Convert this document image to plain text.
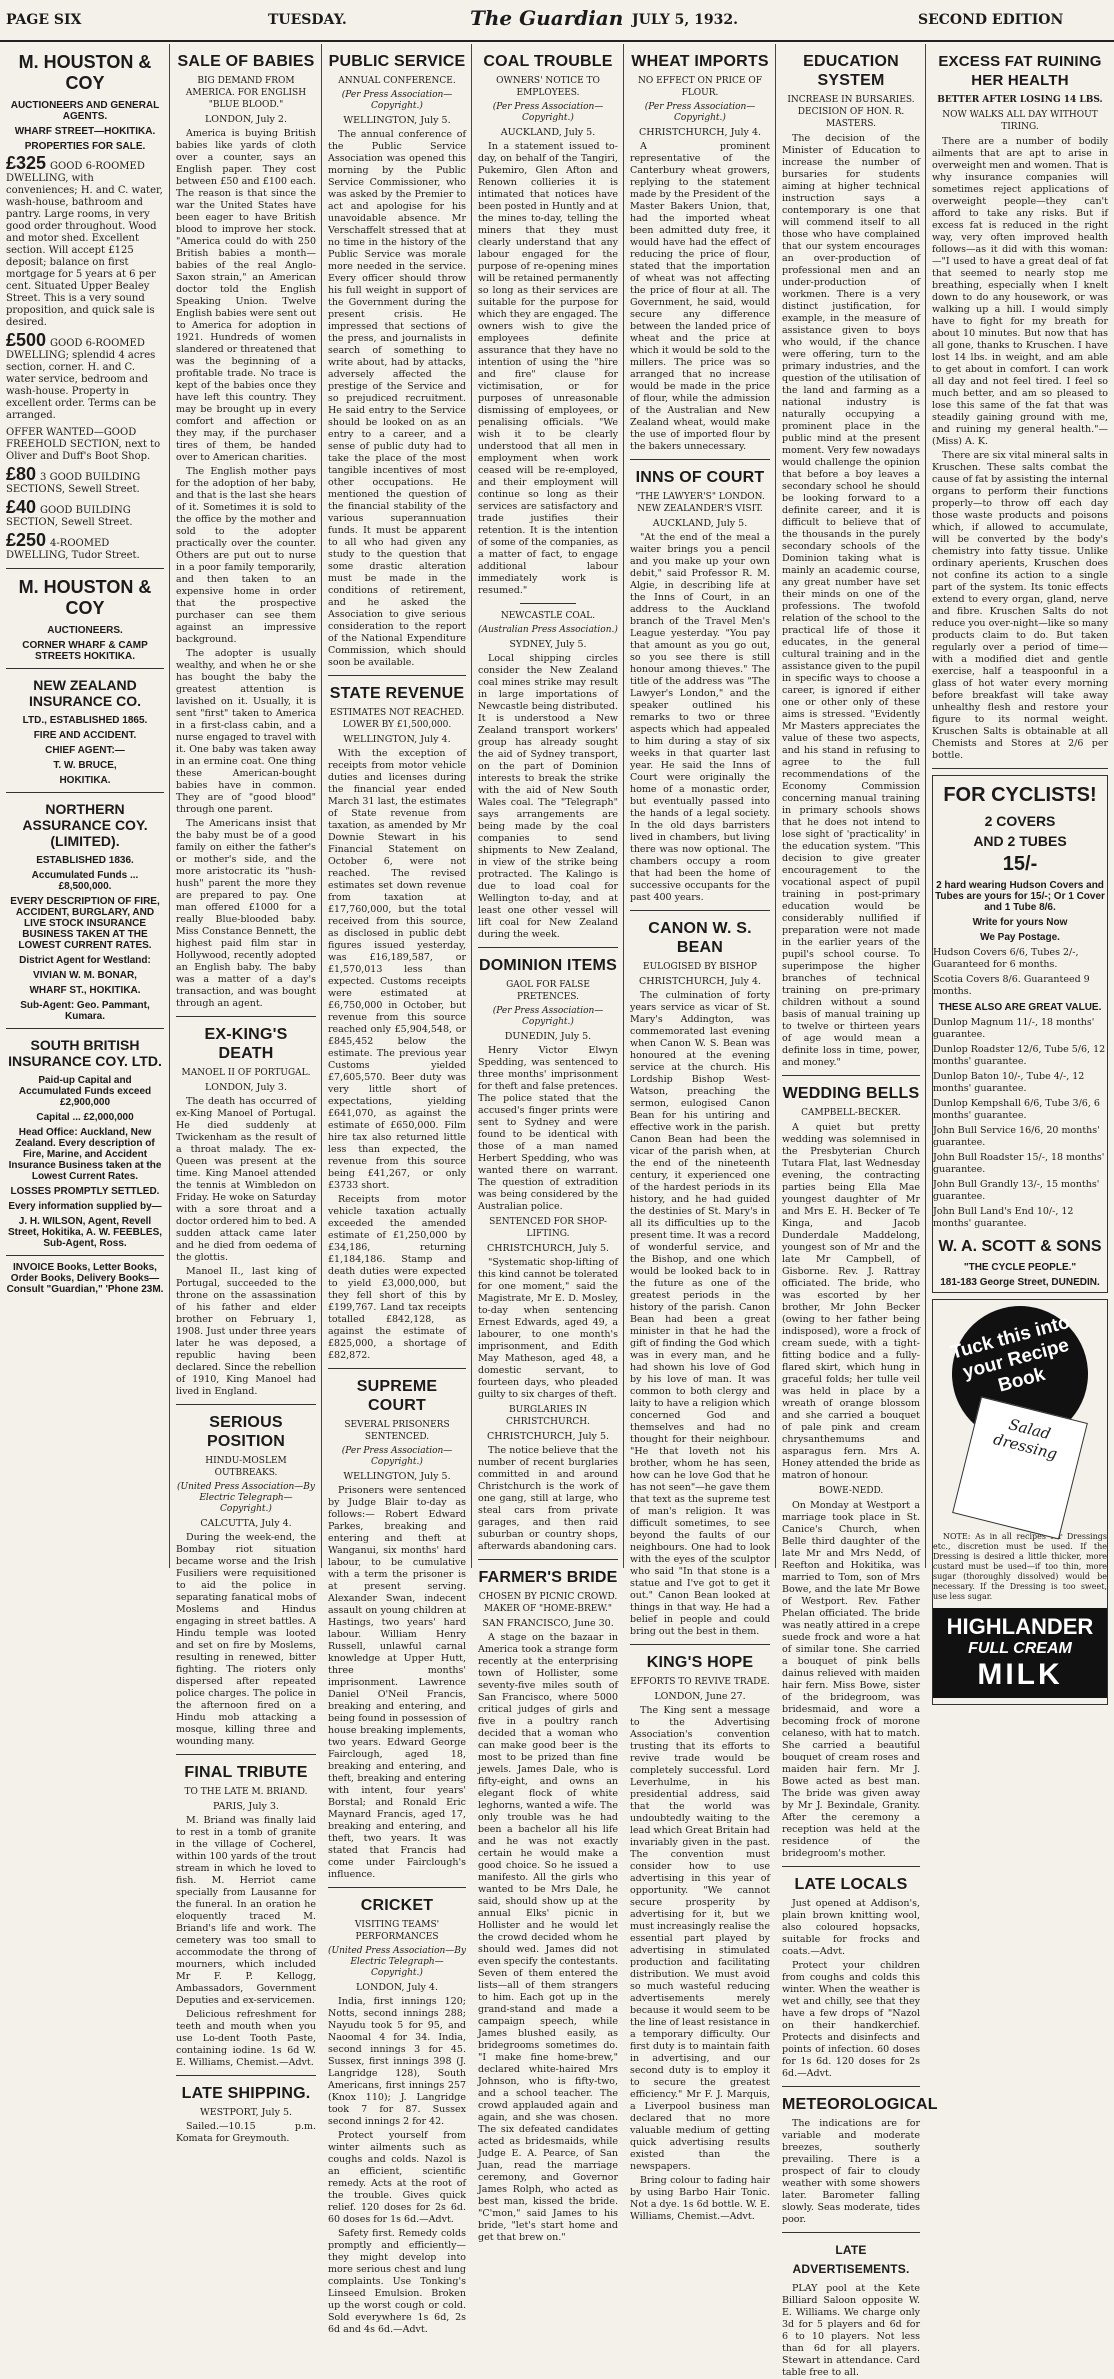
PAGE SIX	TUESDAY.	The Guardian JULY 5, 1932.	SECOND EDITION
M. HOUSTON & COY
AUCTIONEERS AND GENERAL AGENTS.
WHARF STREET—HOKITIKA.
PROPERTIES FOR SALE.
£325 GOOD 6-ROOMED DWELLING, with conveniences; H. and C. water, wash-house, bathroom and pantry. Large rooms, in very good order throughout. Wood and motor shed. Excellent section. Will accept £125 deposit; balance on first mortgage for 5 years at 6 per cent. Situated Upper Bealey Street. This is a very sound proposition, and quick sale is desired.
£500 GOOD 6-ROOMED DWELLING; splendid 4 acres section, corner. H. and C. water service, bedroom and wash-house. Property in excellent order. Terms can be arranged.
OFFER WANTED—GOOD FREEHOLD SECTION, next to Oliver and Duff's Boot Shop.
£80 3 GOOD BUILDING SECTIONS, Sewell Street.
£40 GOOD BUILDING SECTION, Sewell Street.
£250 4-ROOMED DWELLING, Tudor Street.
M. HOUSTON & COY
AUCTIONEERS.
CORNER WHARF & CAMP STREETS HOKITIKA.
NEW ZEALAND INSURANCE CO.
LTD., ESTABLISHED 1865.
FIRE AND ACCIDENT.
CHIEF AGENT:—
T. W. BRUCE,
HOKITIKA.
NORTHERN ASSURANCE COY. (LIMITED).
ESTABLISHED 1836.
Accumulated Funds ... £8,500,000.
EVERY DESCRIPTION OF FIRE, ACCIDENT, BURGLARY, AND LIVE STOCK INSURANCE BUSINESS TAKEN AT THE LOWEST CURRENT RATES.
District Agent for Westland:
VIVIAN W. M. BONAR,
WHARF ST., HOKITIKA.
Sub-Agent: Geo. Pammant, Kumara.
SOUTH BRITISH INSURANCE COY. LTD.
Paid-up Capital and Accumulated Funds exceed £2,900,000
Capital ... £2,000,000
Head Office: Auckland, New Zealand. Every description of Fire, Marine, and Accident Insurance Business taken at the Lowest Current Rates.
LOSSES PROMPTLY SETTLED.
Every information supplied by—
J. H. WILSON, Agent, Revell Street, Hokitika, A. W. FEEBLES, Sub-Agent, Ross.
INVOICE Books, Letter Books, Order Books, Delivery Books—Consult "Guardian," 'Phone 23M.
SALE OF BABIES
BIG DEMAND FROM AMERICA. FOR ENGLISH "BLUE BLOOD."
LONDON, July 2.

America is buying British babies like yards of cloth over a counter, says an English paper. They cost between £50 and £100 each. The reason is that since the war the United States have been eager to have British blood to improve her stock. "America could do with 250 British babies a month—babies of the real Anglo-Saxon strain," an American doctor told the English Speaking Union. Twelve English babies were sent out to America for adoption in 1921. Hundreds of women slandered or threatened that was the beginning of a profitable trade. No trace is kept of the babies once they have left this country. They may be brought up in every comfort and affection or they may, if the purchaser tires of them, be handed over to American charities.

The English mother pays for the adoption of her baby, and that is the last she hears of it. Sometimes it is sold to the office by the mother and sold to the adopter practically over the counter. Others are put out to nurse in a poor family temporarily, and then taken to an expensive home in order that the prospective purchaser can see them against an impressive background.

The adopter is usually wealthy, and when he or she has bought the baby the greatest attention is lavished on it. Usually, it is sent "first" taken to America in a first-class cabin, and a nurse engaged to travel with it. One baby was taken away in an ermine coat. One thing these American-bought babies have in common. They are of "good blood" through one parent.

The Americans insist that the baby must be of a good family on either the father's or mother's side, and the more aristocratic its "hush-hush" parent the more they are prepared to pay. One man offered £1000 for a really Blue-blooded baby. Miss Constance Bennett, the highest paid film star in Hollywood, recently adopted an English baby. The baby was a matter of a day's transaction, and was bought through an agent.

EX-KING'S DEATH
MANOEL II OF PORTUGAL.
LONDON, July 3.

The death has occurred of ex-King Manoel of Portugal. He died suddenly at Twickenham as the result of a throat malady. The ex-Queen was present at the time. King Manoel attended the tennis at Wimbledon on Friday. He woke on Saturday with a sore throat and a doctor ordered him to bed. A sudden attack came later and he died from oedema of the glottis.

Manoel II., last king of Portugal, succeeded to the throne on the assassination of his father and elder brother on February 1, 1908. Just under three years later he was deposed, a republic having been declared. Since the rebellion of 1910, King Manoel had lived in England.

SERIOUS POSITION
HINDU-MOSLEM OUTBREAKS.
(United Press Association—By Electric Telegraph—Copyright.)
CALCUTTA, July 4.

During the week-end, the Bombay riot situation became worse and the Irish Fusiliers were requisitioned to aid the police in separating fanatical mobs of Moslems and Hindus engaging in street battles. A Hindu temple was looted and set on fire by Moslems, resulting in renewed, bitter fighting. The rioters only dispersed after repeated police charges. The police in the afternoon fired on a Hindu mob attacking a mosque, killing three and wounding many.

FINAL TRIBUTE
TO THE LATE M. BRIAND.
PARIS, July 3.

M. Briand was finally laid to rest in a tomb of granite in the village of Cocherel, within 100 yards of the trout stream in which he loved to fish. M. Herriot came specially from Lausanne for the funeral. In an oration he eloquently traced M. Briand's life and work. The cemetery was too small to accommodate the throng of mourners, which included Mr F. P. Kellogg, Ambassadors, Government Deputies and ex-servicemen.

Delicious refreshment for teeth and mouth when you use Lo-dent Tooth Paste, containing iodine. 1s 6d W. E. Williams, Chemist.—Advt.

LATE SHIPPING.
WESTPORT, July 5.

Sailed.—10.15 p.m. Komata for Greymouth.

PUBLIC SERVICE
ANNUAL CONFERENCE.
(Per Press Association— Copyright.)
WELLINGTON, July 5.

The annual conference of the Public Service Association was opened this morning by the Public Service Commissioner, who was asked by the Premier to act and apologise for his unavoidable absence. Mr Verschaffelt stressed that at no time in the history of the Public Service was morale more needed in the service. Every officer should throw his full weight in support of the Government during the present crisis. He impressed that sections of the press, and journalists in search of something to write about, had by attacks, adversely affected the prestige of the Service and so prejudiced recruitment. He said entry to the Service should be looked on as an entry to a career, and a sense of public duty had to take the place of the most tangible incentives of most other occupations. He mentioned the question of the financial stability of the various superannuation funds. It must be apparent to all who had given any study to the question that some drastic alteration must be made in the conditions of retirement, and he asked the Association to give serious consideration to the report of the National Expenditure Commission, which should soon be available.

STATE REVENUE
ESTIMATES NOT REACHED. LOWER BY £1,500,000.
WELLINGTON, July 4.

With the exception of receipts from motor vehicle duties and licenses during the financial year ended March 31 last, the estimates of State revenue from taxation, as amended by Mr Downie Stewart in his Financial Statement on October 6, were not reached. The revised estimates set down revenue from taxation at £17,760,000, but the total received from this source, as disclosed in public debt figures issued yesterday, was £16,189,587, or £1,570,013 less than expected. Customs receipts were estimated at £6,750,000 in October, but revenue from this source reached only £5,904,548, or £845,452 below the estimate. The previous year Customs yielded £7,605,570. Beer duty was very little short of expectations, yielding £641,070, as against the estimate of £650,000. Film hire tax also returned little less than expected, the revenue from this source being £41,267, or only £3733 short.

Receipts from motor vehicle taxation actually exceeded the amended estimate of £1,250,000 by £34,186, returning £1,184,186. Stamp and death duties were expected to yield £3,000,000, but they fell short of this by £199,767. Land tax receipts totalled £842,128, as against the estimate of £825,000, a shortage of £82,872.

SUPREME COURT
SEVERAL PRISONERS SENTENCED.
(Per Press Association— Copyright.)
WELLINGTON, July 5.

Prisoners were sentenced by Judge Blair to-day as follows:— Robert Edward Parkes, breaking and entering and theft at Wanganui, six months' hard labour, to be cumulative with a term the prisoner is at present serving. Alexander Swan, indecent assault on young children at Hastings, two years' hard labour. William Henry Russell, unlawful carnal knowledge at Upper Hutt, three months' imprisonment. Lawrence Daniel O'Neil Francis, breaking and entering, and being found in possession of house breaking implements, two years. Edward George Fairclough, aged 18, breaking and entering, and theft, breaking and entering with intent, four years' Borstal; and Ronald Eric Maynard Francis, aged 17, breaking and entering, and theft, two years. It was stated that Francis had come under Fairclough's influence.

CRICKET
VISITING TEAMS' PERFORMANCES
(United Press Association—By Electric Telegraph—Copyright.)
LONDON, July 4.

India, first innings 120; Notts, second innings 288; Nayudu took 5 for 95, and Naoomal 4 for 34. India, second innings 3 for 45. Sussex, first innings 398 (J. Langridge 128), South Americans, first innings 257 (Knox 110); J. Langridge took 7 for 87. Sussex second innings 2 for 42.

Protect yourself from winter ailments such as coughs and colds. Nazol is an efficient, scientific remedy. Acts at the root of the trouble. Gives quick relief. 120 doses for 2s 6d. 60 doses for 1s 6d.—Advt.

Safety first. Remedy colds promptly and efficiently—they might develop into more serious chest and lung complaints. Use Tonking's Linseed Emulsion. Broken up the worst cough or cold. Sold everywhere 1s 6d, 2s 6d and 4s 6d.—Advt.

COAL TROUBLE
OWNERS' NOTICE TO EMPLOYEES.
(Per Press Association— Copyright.)
AUCKLAND, July 5.

In a statement issued to-day, on behalf of the Tangiri, Pukemiro, Glen Afton and Renown collieries it is intimated that notices have been posted in Huntly and at the mines to-day, telling the miners that they must clearly understand that any labour engaged for the purpose of re-opening mines will be retained permanently so long as their services are suitable for the purpose for which they are engaged. The owners wish to give the employees definite assurance that they have no intention of using the "hire and fire" clause for victimisation, or for purposes of unreasonable dismissing of employees, or penalising officials. "We wish it to be clearly understood that all men in employment when work ceased will be re-employed, and their employment will continue so long as their services are satisfactory and trade justifies their retention. It is the intention of some of the companies, as a matter of fact, to engage additional labour immediately work is resumed."

NEWCASTLE COAL.
(Australian Press Association.)
SYDNEY, July 5.

Local shipping circles consider the New Zealand coal mines strike may result in large importations of Newcastle being distributed. It is understood a New Zealand transport workers' group has already sought the aid of Sydney transport, on the part of Dominion interests to break the strike with the aid of New South Wales coal. The "Telegraph" says arrangements are being made by the coal companies to send shipments to New Zealand, in view of the strike being protracted. The Kalingo is due to load coal for Wellington to-day, and at least one other vessel will lift coal for New Zealand during the week.

DOMINION ITEMS
GAOL FOR FALSE PRETENCES.
(Per Press Association— Copyright.)
DUNEDIN, July 5.

Henry Victor Elwyn Spedding, was sentenced to three months' imprisonment for theft and false pretences. The police stated that the accused's finger prints were sent to Sydney and were found to be identical with those of a man named Herbert Spedding, who was wanted there on warrant. The question of extradition was being considered by the Australian police.

SENTENCED FOR SHOP-LIFTING.
CHRISTCHURCH, July 5.

"Systematic shop-lifting of this kind cannot be tolerated for one moment," said the Magistrate, Mr E. D. Mosley, to-day when sentencing Ernest Edwards, aged 49, a labourer, to one month's imprisonment, and Edith May Matheson, aged 48, a domestic servant, to fourteen days, who pleaded guilty to six charges of theft.

BURGLARIES IN CHRISTCHURCH.
CHRISTCHURCH, July 5.

The notice believe that the number of recent burglaries committed in and around Christchurch is the work of one gang, still at large, who steal cars from private garages, and then raid suburban or country shops, afterwards abandoning cars.

FARMER'S BRIDE
CHOSEN BY PICNIC CROWD. MAKER OF "HOME-BREW."
SAN FRANCISCO, June 30.

A stage on the bazaar in America took a strange form recently at the enterprising town of Hollister, some seventy-five miles south of San Francisco, where 5000 critical judges of girls and five in a poultry ranch decided that a woman who can make good beer is the most to be prized than fine jewels. James Dale, who is fifty-eight, and owns an elegant flock of white leghorns, wanted a wife. The only trouble was he had been a bachelor all his life and he was not exactly certain he would make a good choice. So he issued a manifesto. All the girls who wanted to be Mrs Dale, he said, should show up at the annual Elks' picnic in Hollister and he would let the crowd decided whom he should wed. James did not even specify the contestants. Seven of them entered the lists—all of them strangers to him. Each got up in the grand-stand and made a campaign speech, while James blushed easily, as bridegrooms sometimes do. "I make fine home-brew," declared white-haired Mrs Johnson, who is fifty-two, and a school teacher. The crowd applauded again and again, and she was chosen. The six defeated candidates acted as bridesmaids, while Judge E. A. Pearce, of San Juan, read the marriage ceremony, and Governor James Rolph, who acted as best man, kissed the bride. "C'mon," said James to his bride, "let's start home and get that brew on."

WHEAT IMPORTS
NO EFFECT ON PRICE OF FLOUR.
(Per Press Association— Copyright.)
CHRISTCHURCH, July 4.

A prominent representative of the Canterbury wheat growers, replying to the statement made by the President of the Master Bakers Union, that, had the imported wheat been admitted duty free, it would have had the effect of reducing the price of flour, stated that the importation of wheat was not affecting the price of flour at all. The Government, he said, would secure any difference between the landed price of wheat and the price at which it would be sold to the millers. The price was so arranged that no increase would be made in the price of flour, while the admission of the Australian and New Zealand wheat, would make the use of imported flour by the bakers unnecessary.

INNS OF COURT
"THE LAWYER'S" LONDON. NEW ZEALANDER'S VISIT.
AUCKLAND, July 5.

"At the end of the meal a waiter brings you a pencil and you make up your own debit," said Professor R. M. Algie, in describing life at the Inns of Court, in an address to the Auckland branch of the Travel Men's League yesterday. "You pay that amount as you go out, so you see there is still honour among thieves." The title of the address was "The Lawyer's London," and the speaker outlined his remarks to two or three aspects which had appealed to him during a stay of six weeks in that quarter last year. He said the Inns of Court were originally the home of a monastic order, but eventually passed into the hands of a legal society. In the old days barristers lived in chambers, but living there was now optional. The chambers occupy a room that had been the home of successive occupants for the past 400 years.

CANON W. S. BEAN
EULOGISED BY BISHOP
CHRISTCHURCH, July 4.

The culmination of forty years service as vicar of St. Mary's Addington, was commemorated last evening when Canon W. S. Bean was honoured at the evening service at the church. His Lordship Bishop West-Watson, preaching the sermon, eulogised Canon Bean for his untiring and effective work in the parish. Canon Bean had been the vicar of the parish when, at the end of the nineteenth century, it experienced one of the hardest periods in its history, and he had guided the destinies of St. Mary's in all its difficulties up to the present time. It was a record of wonderful service, and the Bishop, and one which would be looked back to in the future as one of the greatest periods in the history of the parish. Canon Bean had been a great minister in that he had the gift of finding the God which was in every man, and he had shown his love of God by his love of man. It was common to both clergy and laity to have a religion which concerned God and themselves and had no thought for their neighbour. "He that loveth not his brother, whom he has seen, how can he love God that he has not seen"—he gave them that text as the supreme test of man's religion. It was difficult sometimes, to see beyond the faults of our neighbours. One had to look with the eyes of the sculptor who said "In that stone is a statue and I've got to get it out." Canon Bean looked at things in that way. He had a belief in people and could bring out the best in them.

KING'S HOPE
EFFORTS TO REVIVE TRADE.
LONDON, June 27.

The King sent a message to the Advertising Association's convention trusting that its efforts to revive trade would be completely successful. Lord Leverhulme, in his presidential address, said that the world was undoubtedly waiting to the lead which Great Britain had invariably given in the past. The convention must consider how to use advertising in this year of opportunity. "We cannot secure prosperity by advertising for it, but we must increasingly realise the essential part played by advertising in stimulated production and facilitating distribution. We must avoid so much wasteful reducing advertisements merely because it would seem to be the line of least resistance in a temporary difficulty. Our first duty is to maintain faith in advertising, and our second duty is to employ it to secure the greatest efficiency." Mr F. J. Marquis, a Liverpool business man declared that no more valuable medium of getting quick advertising results existed than the newspapers.

Bring colour to fading hair by using Barbo Hair Tonic. Not a dye. 1s 6d bottle. W. E. Williams, Chemist.—Advt.

EDUCATION SYSTEM
INCREASE IN BURSARIES. DECISION OF HON. R. MASTERS.

The decision of the Minister of Education to increase the number of bursaries for students aiming at higher technical instruction says a contemporary is one that will commend itself to all those who have complained that our system encourages an over-production of professional men and an under-production of workmen. There is a very distinct justification, for example, in the measure of assistance given to boys who would, if the chance were offering, turn to the primary industries, and the question of the utilisation of the land and farming as a national industry is naturally occupying a prominent place in the public mind at the present moment. Very few nowadays would challenge the opinion that before a boy leaves a secondary school he should be looking forward to a definite career, and it is difficult to believe that of the thousands in the purely secondary schools of the Dominion taking what is mainly an academic course, any great number have set their minds on one of the professions. The twofold relation of the school to the practical life of those it educates, in the general cultural training and in the assistance given to the pupil in specific ways to choose a career, is ignored if either one or other only of these aims is stressed. "Evidently Mr Masters appreciates the value of these two aspects, and his stand in refusing to agree to the full recommendations of the Economy Commission concerning manual training in primary schools shows that he does not intend to lose sight of 'practicality' in the education system. "This decision to give greater encouragement to the vocational aspect of pupil training in post-primary education would be considerably nullified if preparation were not made in the earlier years of the pupil's school course. To superimpose the higher branches of technical training on pre-primary children without a sound basis of manual training up to twelve or thirteen years of age would mean a definite loss in time, power, and money."

WEDDING BELLS
CAMPBELL-BECKER.

A quiet but pretty wedding was solemnised in the Presbyterian Church Tutara Flat, last Wednesday evening, the contracting parties being Ella Mae youngest daughter of Mr and Mrs E. H. Becker of Te Kinga, and Jacob Dunderdale Maddelong, youngest son of Mr and the late Mr Campbell, of Gisborne. Rev. J. Rattray officiated. The bride, who was escorted by her brother, Mr John Becker (owing to her father being indisposed), wore a frock of cream suede, with a tight-fitting bodice and a fully-flared skirt, which hung in graceful folds; her tulle veil was held in place by a wreath of orange blossom and she carried a bouquet of pale pink and cream chrysanthemums and asparagus fern. Mrs A. Honey attended the bride as matron of honour.

BOWE-NEDD.

On Monday at Westport a marriage took place in St. Canice's Church, when Belle third daughter of the late Mr and Mrs Nedd, of Reefton and Hokitika, was married to Tom, son of Mrs Bowe, and the late Mr Bowe of Westport. Rev. Father Phelan officiated. The bride was neatly attired in a crepe suede frock and wore a hat of similar tone. She carried a bouquet of pink bells dainus relieved with maiden hair fern. Miss Bowe, sister of the bridegroom, was bridesmaid, and wore a becoming frock of morone celaneso, with hat to match. She carried a beautiful bouquet of cream roses and maiden hair fern. Mr J. Bowe acted as best man. The bride was given away by Mr J. Bexindale, Granity. After the ceremony a reception was held at the residence of the bridegroom's mother.

LATE LOCALS

Just opened at Addison's, plain brown knitting wool, also coloured hopsacks, suitable for frocks and coats.—Advt.

Protect your children from coughs and colds this winter. When the weather is wet and chilly, see that they have a few drops of "Nazol on their handkerchief. Protects and disinfects and points of infection. 60 doses for 1s 6d. 120 doses for 2s 6d.—Advt.

METEOROLOGICAL

The indications are for variable and moderate breezes, southerly prevailing. There is a prospect of fair to cloudy weather with some showers later. Barometer falling slowly. Seas moderate, tides poor.

LATE ADVERTISEMENTS.

PLAY pool at the Kete Billiard Saloon opposite W. E. Williams. We charge only 3d for 5 players and 6d for 6 to 10 players. Not less than 6d for all players. Stewart in attendance. Card table free to all.

EXCESS FAT RUINING HER HEALTH
BETTER AFTER LOSING 14 LBS.
NOW WALKS ALL DAY WITHOUT TIRING.

There are a number of bodily ailments that are apt to arise in overweight men and women. That is why insurance companies will sometimes reject applications of overweight people—they can't afford to take any risks. But if excess fat is reduced in the right way, very often improved health follows—as it did with this woman:—"I used to have a great deal of fat that seemed to nearly stop me breathing, especially when I knelt down to do any housework, or was walking up a hill. I would simply have to fight for my breath for about 10 minutes. But now that has all gone, thanks to Kruschen. I have lost 14 lbs. in weight, and am able to get about in comfort. I can work all day and not feel tired. I feel so much better, and am so pleased to lose this same of the fat that was steadily gaining ground with me, and ruining my general health."—(Miss) A. K.

There are six vital mineral salts in Kruschen. These salts combat the cause of fat by assisting the internal organs to perform their functions properly—to throw off each day those waste products and poisons which, if allowed to accumulate, will be converted by the body's chemistry into fatty tissue. Unlike ordinary aperients, Kruschen does not confine its action to a single part of the system. Its tonic effects extend to every organ, gland, nerve and fibre. Kruschen Salts do not reduce you over-night—like so many products claim to do. But taken regularly over a period of time—with a modified diet and gentle exercise, half a teaspoonful in a glass of hot water every morning before breakfast will take away unhealthy flesh and restore your figure to its normal weight. Kruschen Salts is obtainable at all Chemists and Stores at 2/6 per bottle.

FOR CYCLISTS!
2 COVERS
AND 2 TUBES
15/-
2 hard wearing Hudson Covers and Tubes are yours for 15/-; Or 1 Cover and 1 Tube 8/6.
Write for yours Now
We Pay Postage.
Hudson Covers 6/6, Tubes 2/-, Guaranteed for 6 months.
Scotia Covers 8/6. Guaranteed 9 months.
THESE ALSO ARE GREAT VALUE.
Dunlop Magnum 11/-, 18 months' guarantee.
Dunlop Roadster 12/6, Tube 5/6, 12 months' guarantee.
Dunlop Baton 10/-, Tube 4/-, 12 months' guarantee.
Dunlop Kempshall 6/6, Tube 3/6, 6 months' guarantee.
John Bull Service 16/6, 20 months' guarantee.
John Bull Roadster 15/-, 18 months' guarantee.
John Bull Grandly 13/-, 15 months' guarantee.
John Bull Land's End 10/-, 12 months' guarantee.
W. A. SCOTT & SONS
"THE CYCLE PEOPLE."
181-183 George Street, DUNEDIN.
Tuck this into your Recipe Book
Salad dressing

NOTE: As in all recipes for Dressings etc., discretion must be used. If the Dressing is desired a little thicker, more custard must be used—if too thin, more sugar (thoroughly dissolved) would be necessary. If the Dressing is too sweet, use less sugar.

HIGHLANDER
FULL CREAM
MILK
